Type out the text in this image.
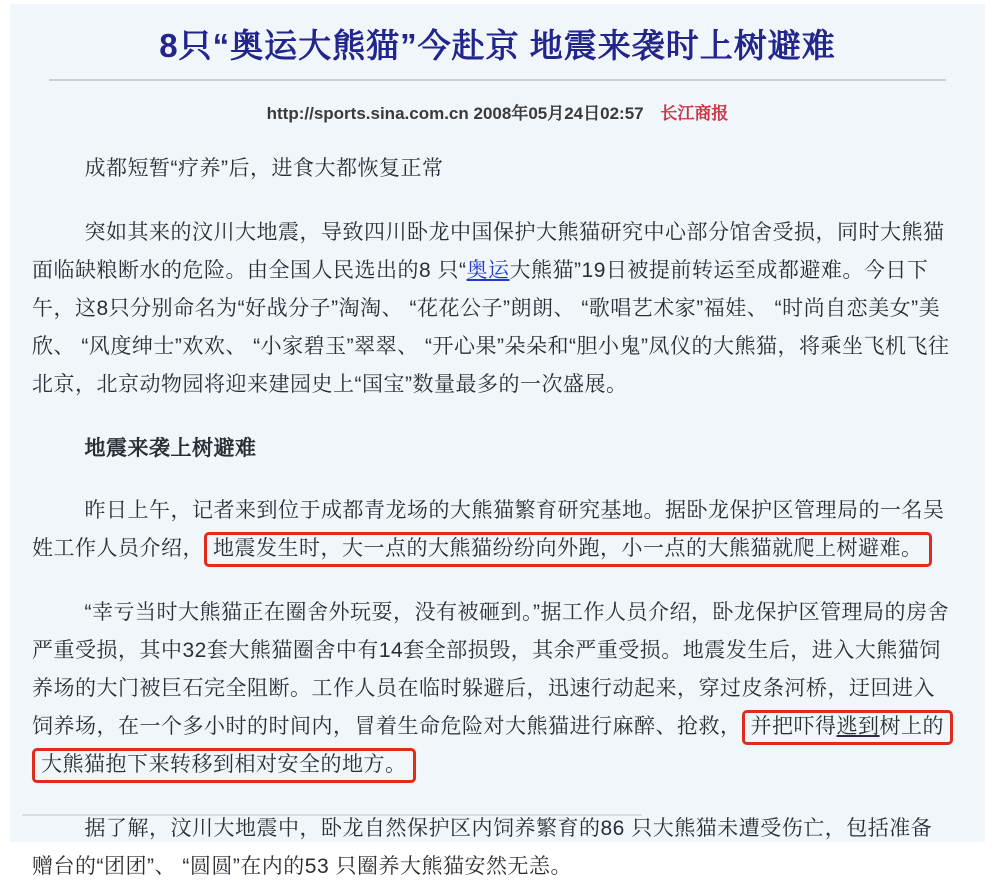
8只“奥运大熊猫”今赴京 地震来袭时上树避难
http://sports.sina.com.cn 2008年05月24日02:57 长江商报

成都短暂“疗养”后，进食大都恢复正常

突如其来的汶川大地震，导致四川卧龙中国保护大熊猫研究中心部分馆舍受损，同时大熊猫面临缺粮断水的危险。由全国人民选出的8 只“奥运大熊猫”19日被提前转运至成都避难。今日下午，这8只分别命名为“好战分子”淘淘、 “花花公子”朗朗、 “歌唱艺术家”福娃、 “时尚自恋美女”美欣、 “风度绅士”欢欢、 “小家碧玉”翠翠、 “开心果”朵朵和“胆小鬼”凤仪的大熊猫，将乘坐飞机飞往北京，北京动物园将迎来建园史上“国宝”数量最多的一次盛展。

地震来袭上树避难

昨日上午，记者来到位于成都青龙场的大熊猫繁育研究基地。据卧龙保护区管理局的一名吴姓工作人员介绍， 地震发生时，大一点的大熊猫纷纷向外跑，小一点的大熊猫就爬上树避难。

“幸亏当时大熊猫正在圈舍外玩耍，没有被砸到。”据工作人员介绍，卧龙保护区管理局的房舍严重受损，其中32套大熊猫圈舍中有14套全部损毁，其余严重受损。地震发生后，进入大熊猫饲养场的大门被巨石完全阻断。工作人员在临时躲避后，迅速行动起来，穿过皮条河桥，迂回进入饲养场，在一个多小时的时间内，冒着生命危险对大熊猫进行麻醉、抢救， 并把吓得逃到树上的大熊猫抱下来转移到相对安全的地方。

据了解，汶川大地震中，卧龙自然保护区内饲养繁育的86 只大熊猫未遭受伤亡，包括准备赠台的“团团”、 “圆圆”在内的53 只圈养大熊猫安然无恙。
